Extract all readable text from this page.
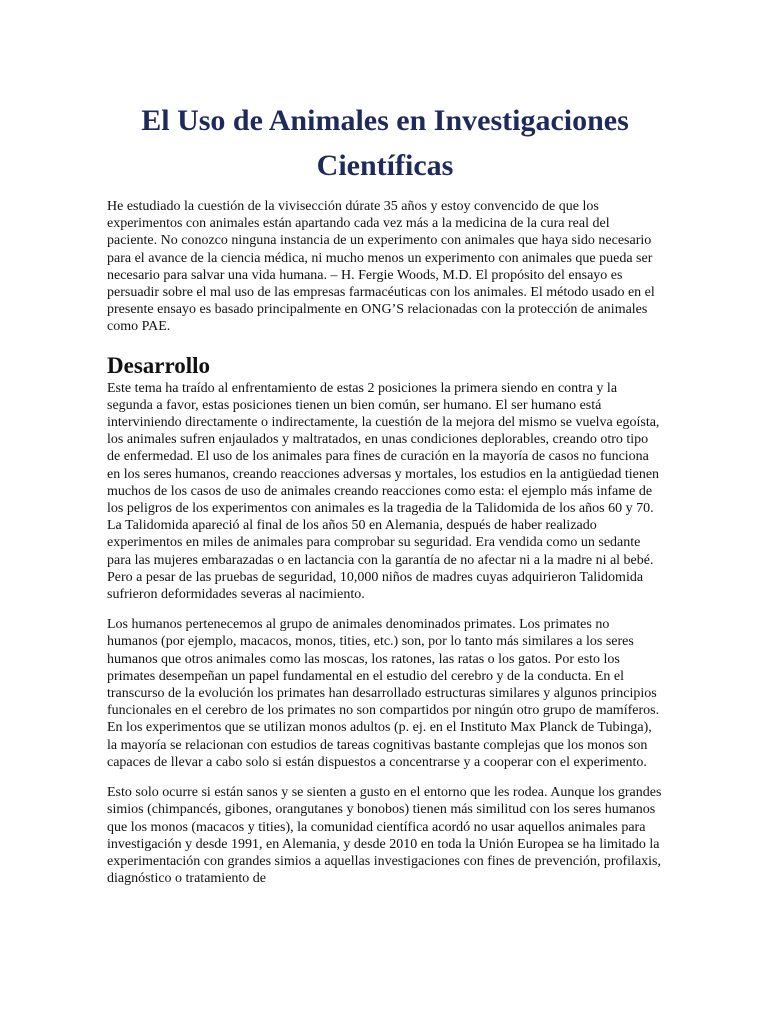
El Uso de Animales en Investigaciones Científicas

He estudiado la cuestión de la vivisección dúrate 35 años y estoy convencido de que los experimentos con animales están apartando cada vez más a la medicina de la cura real del paciente. No conozco ninguna instancia de un experimento con animales que haya sido necesario para el avance de la ciencia médica, ni mucho menos un experimento con animales que pueda ser necesario para salvar una vida humana. – H. Fergie Woods, M.D. El propósito del ensayo es persuadir sobre el mal uso de las empresas farmacéuticas con los animales. El método usado en el presente ensayo es basado principalmente en ONG’S relacionadas con la protección de animales como PAE.

Desarrollo

Este tema ha traído al enfrentamiento de estas 2 posiciones la primera siendo en contra y la segunda a favor, estas posiciones tienen un bien común, ser humano. El ser humano está interviniendo directamente o indirectamente, la cuestión de la mejora del mismo se vuelva egoísta, los animales sufren enjaulados y maltratados, en unas condiciones deplorables, creando otro tipo de enfermedad. El uso de los animales para fines de curación en la mayoría de casos no funciona en los seres humanos, creando reacciones adversas y mortales, los estudios en la antigüedad tienen muchos de los casos de uso de animales creando reacciones como esta: el ejemplo más infame de los peligros de los experimentos con animales es la tragedia de la Talidomida de los años 60 y 70. La Talidomida apareció al final de los años 50 en Alemania, después de haber realizado experimentos en miles de animales para comprobar su seguridad. Era vendida como un sedante para las mujeres embarazadas o en lactancia con la garantía de no afectar ni a la madre ni al bebé. Pero a pesar de las pruebas de seguridad, 10,000 niños de madres cuyas adquirieron Talidomida sufrieron deformidades severas al nacimiento.

Los humanos pertenecemos al grupo de animales denominados primates. Los primates no humanos (por ejemplo, macacos, monos, tities, etc.) son, por lo tanto más similares a los seres humanos que otros animales como las moscas, los ratones, las ratas o los gatos. Por esto los primates desempeñan un papel fundamental en el estudio del cerebro y de la conducta. En el transcurso de la evolución los primates han desarrollado estructuras similares y algunos principios funcionales en el cerebro de los primates no son compartidos por ningún otro grupo de mamíferos. En los experimentos que se utilizan monos adultos (p. ej. en el Instituto Max Planck de Tubinga), la mayoría se relacionan con estudios de tareas cognitivas bastante complejas que los monos son capaces de llevar a cabo solo si están dispuestos a concentrarse y a cooperar con el experimento.

Esto solo ocurre si están sanos y se sienten a gusto en el entorno que les rodea. Aunque los grandes simios (chimpancés, gibones, orangutanes y bonobos) tienen más similitud con los seres humanos que los monos (macacos y tities), la comunidad científica acordó no usar aquellos animales para investigación y desde 1991, en Alemania, y desde 2010 en toda la Unión Europea se ha limitado la experimentación con grandes simios a aquellas investigaciones con fines de prevención, profilaxis, diagnóstico o tratamiento de
